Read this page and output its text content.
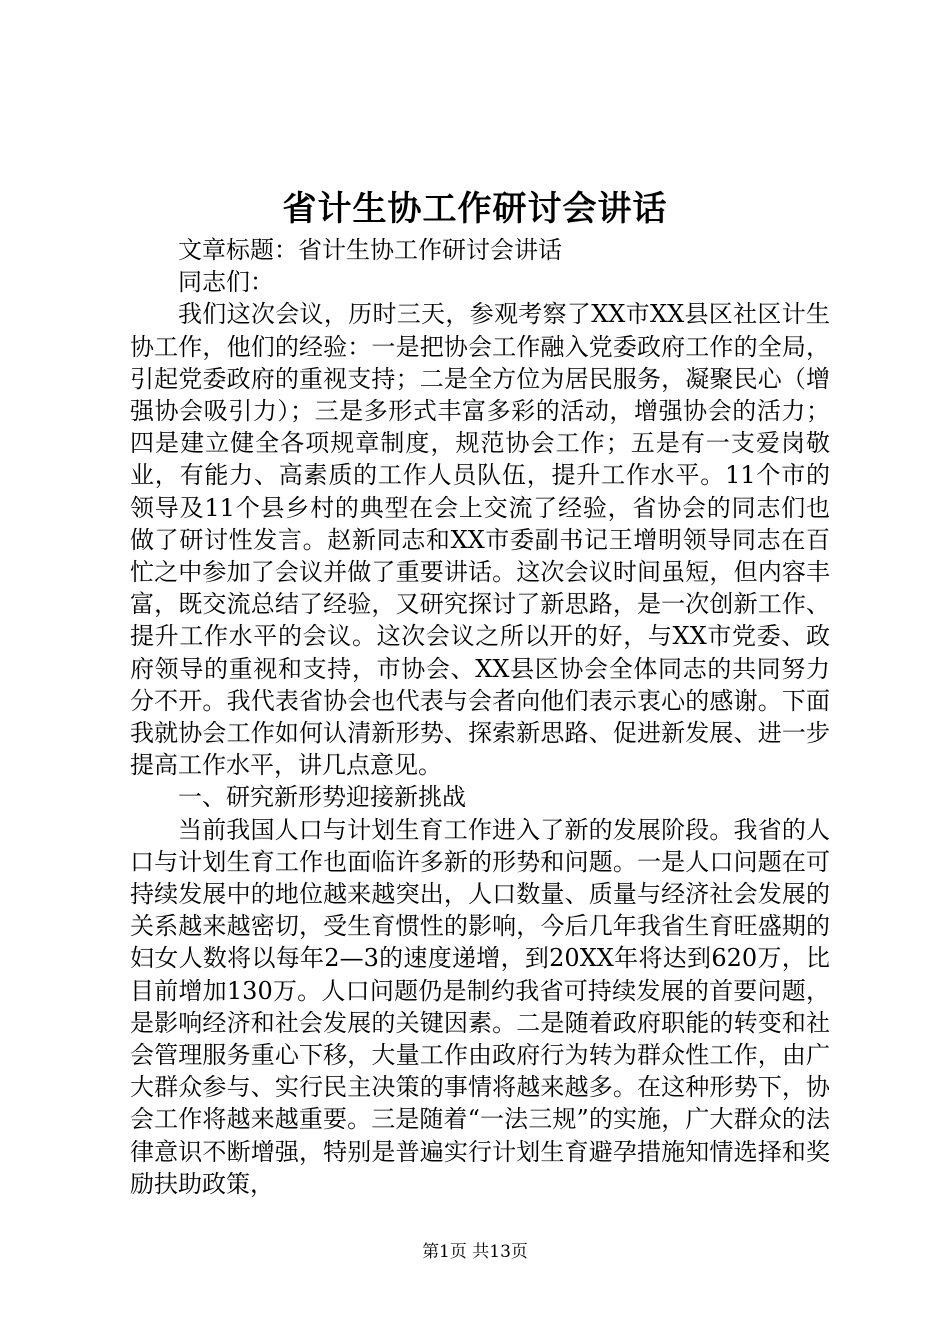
省计生协工作研讨会讲话

文章标题：省计生协工作研讨会讲话

同志们：

我们这次会议，历时三天，参观考察了XX市XX县区社区计生协工作，他们的经验：一是把协会工作融入党委政府工作的全局，引起党委政府的重视支持；二是全方位为居民服务，凝聚民心（增强协会吸引力）；三是多形式丰富多彩的活动，增强协会的活力；四是建立健全各项规章制度，规范协会工作；五是有一支爱岗敬业，有能力、高素质的工作人员队伍，提升工作水平。11个市的领导及11个县乡村的典型在会上交流了经验，省协会的同志们也做了研讨性发言。赵新同志和XX市委副书记王增明领导同志在百忙之中参加了会议并做了重要讲话。这次会议时间虽短，但内容丰富，既交流总结了经验，又研究探讨了新思路，是一次创新工作、提升工作水平的会议。这次会议之所以开的好，与XX市党委、政府领导的重视和支持，市协会、XX县区协会全体同志的共同努力分不开。我代表省协会也代表与会者向他们表示衷心的感谢。下面我就协会工作如何认清新形势、探索新思路、促进新发展、进一步提高工作水平，讲几点意见。

一、研究新形势迎接新挑战

当前我国人口与计划生育工作进入了新的发展阶段。我省的人口与计划生育工作也面临许多新的形势和问题。一是人口问题在可持续发展中的地位越来越突出，人口数量、质量与经济社会发展的关系越来越密切，受生育惯性的影响，今后几年我省生育旺盛期的妇女人数将以每年2—3的速度递增，到20XX年将达到620万，比目前增加130万。人口问题仍是制约我省可持续发展的首要问题，是影响经济和社会发展的关键因素。二是随着政府职能的转变和社会管理服务重心下移，大量工作由政府行为转为群众性工作，由广大群众参与、实行民主决策的事情将越来越多。在这种形势下，协会工作将越来越重要。三是随着“一法三规”的实施，广大群众的法律意识不断增强，特别是普遍实行计划生育避孕措施知情选择和奖励扶助政策，

第1页 共13页
